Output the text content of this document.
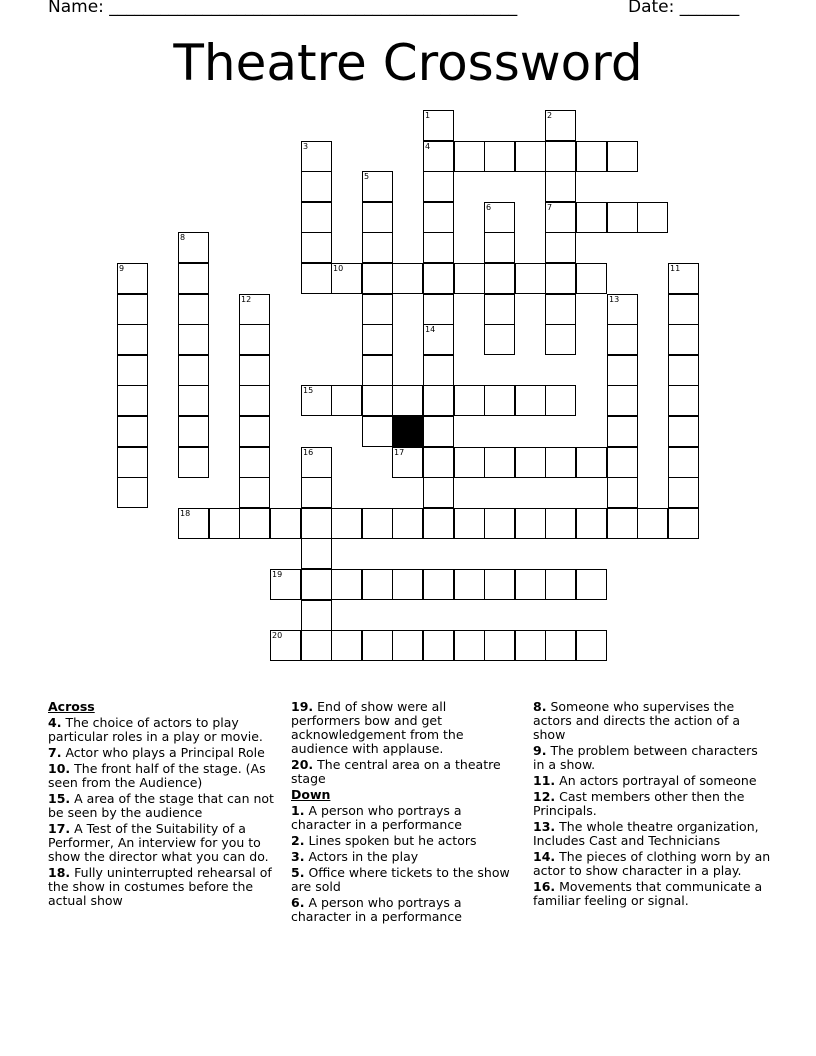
Name: ________________________________________________	Date: _______
Theatre Crossword
4
7
10
15
17
18
19
20
1
14
2
3
5
6
8
9	11
12	13
16
Across
4. The choice of actors to play particular roles in a play or movie.
7. Actor who plays a Principal Role
10. The front half of the stage. (As seen from the Audience)
15. A area of the stage that can not be seen by the audience
17. A Test of the Suitability of a Performer, An interview for you to show the director what you can do.
18. Fully uninterrupted rehearsal of the show in costumes before the actual show
19. End of show were all performers bow and get acknowledgement from the audience with applause.
20. The central area on a theatre stage
Down
1. A person who portrays a character in a performance
2. Lines spoken but he actors
3. Actors in the play
5. Office where tickets to the show are sold
6. A person who portrays a character in a performance
8. Someone who supervises the actors and directs the action of a show
9. The problem between characters in a show.
11. An actors portrayal of someone
12. Cast members other then the Principals.
13. The whole theatre organization, Includes Cast and Technicians
14. The pieces of clothing worn by an actor to show character in a play.
16. Movements that communicate a familiar feeling or signal.
